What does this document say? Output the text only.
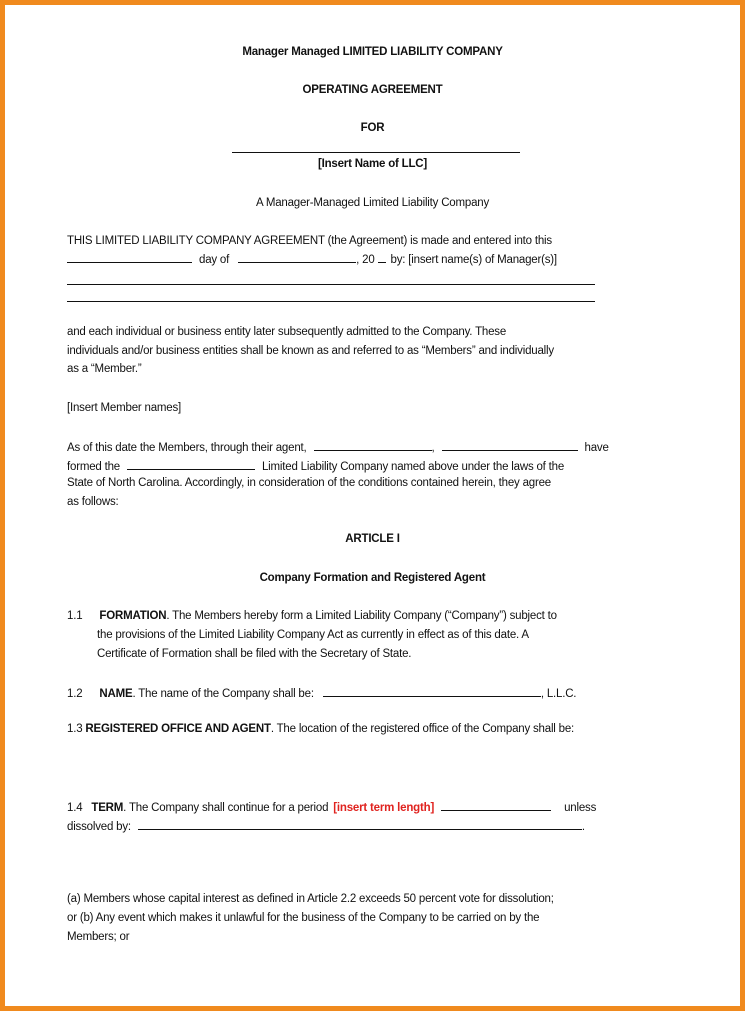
Manager Managed LIMITED LIABILITY COMPANY
OPERATING AGREEMENT
FOR
[Insert Name of LLC]
A Manager-Managed Limited Liability Company
THIS LIMITED LIABILITY COMPANY AGREEMENT (the Agreement) is made and entered into this
day of	, 20 by: [insert name(s) of Manager(s)]
and each individual or business entity later subsequently admitted to the Company. These
individuals and/or business entities shall be known as and referred to as “Members” and individually
as a “Member.”
[Insert Member names]
As of this date the Members, through their agent,	,	have
formed the	Limited Liability Company named above under the laws of the
State of North Carolina. Accordingly, in consideration of the conditions contained herein, they agree
as follows:
ARTICLE I
Company Formation and Registered Agent
1.1 FORMATION. The Members hereby form a Limited Liability Company (“Company”) subject to
the provisions of the Limited Liability Company Act as currently in effect as of this date. A
Certificate of Formation shall be filed with the Secretary of State.
1.2 NAME. The name of the Company shall be:	, L.L.C.
1.3 REGISTERED OFFICE AND AGENT. The location of the registered office of the Company shall be:
1.4 TERM. The Company shall continue for a period [insert term length]	unless
dissolved by:	.
(a) Members whose capital interest as defined in Article 2.2 exceeds 50 percent vote for dissolution;
or (b) Any event which makes it unlawful for the business of the Company to be carried on by the
Members; or
